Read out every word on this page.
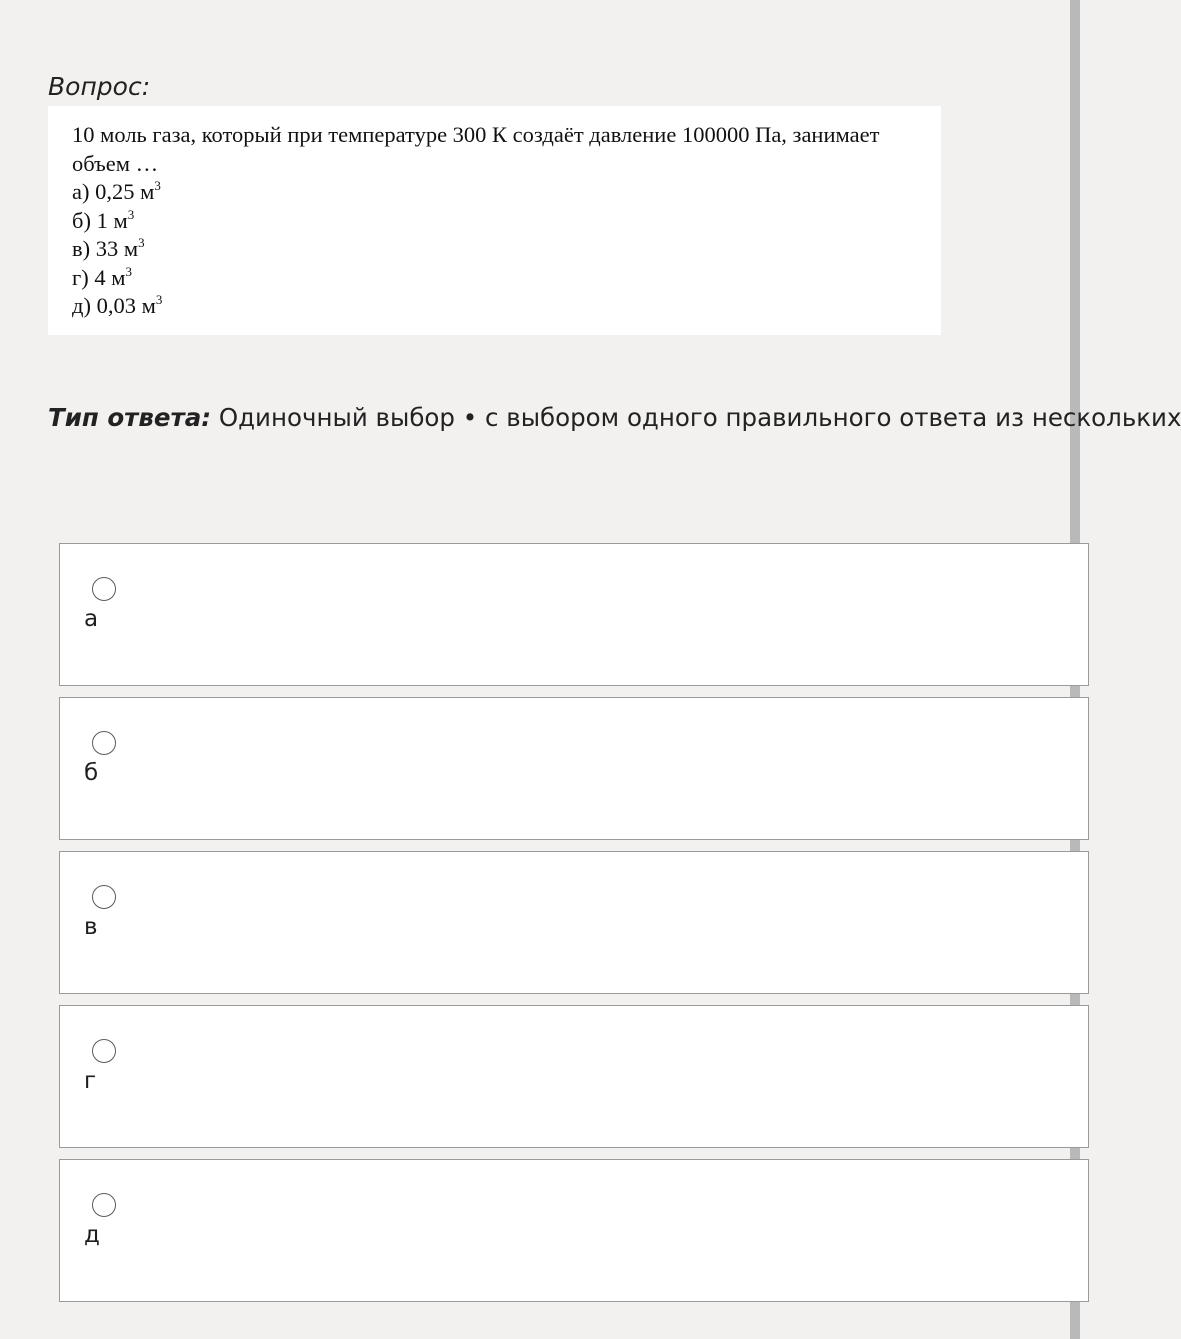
Вопрос:

10 моль газа, который при температуре 300 К создаёт давление 100000 Па, занимает объем …

а) 0,25 $м^3$

б) 1 $м^3$

в) 33 $м^3$

г) 4 $м^3$

д) 0,03 $м^3$

Тип ответа: Одиночный выбор • с выбором одного правильного ответа из нескольких
а
б
в
г
д
